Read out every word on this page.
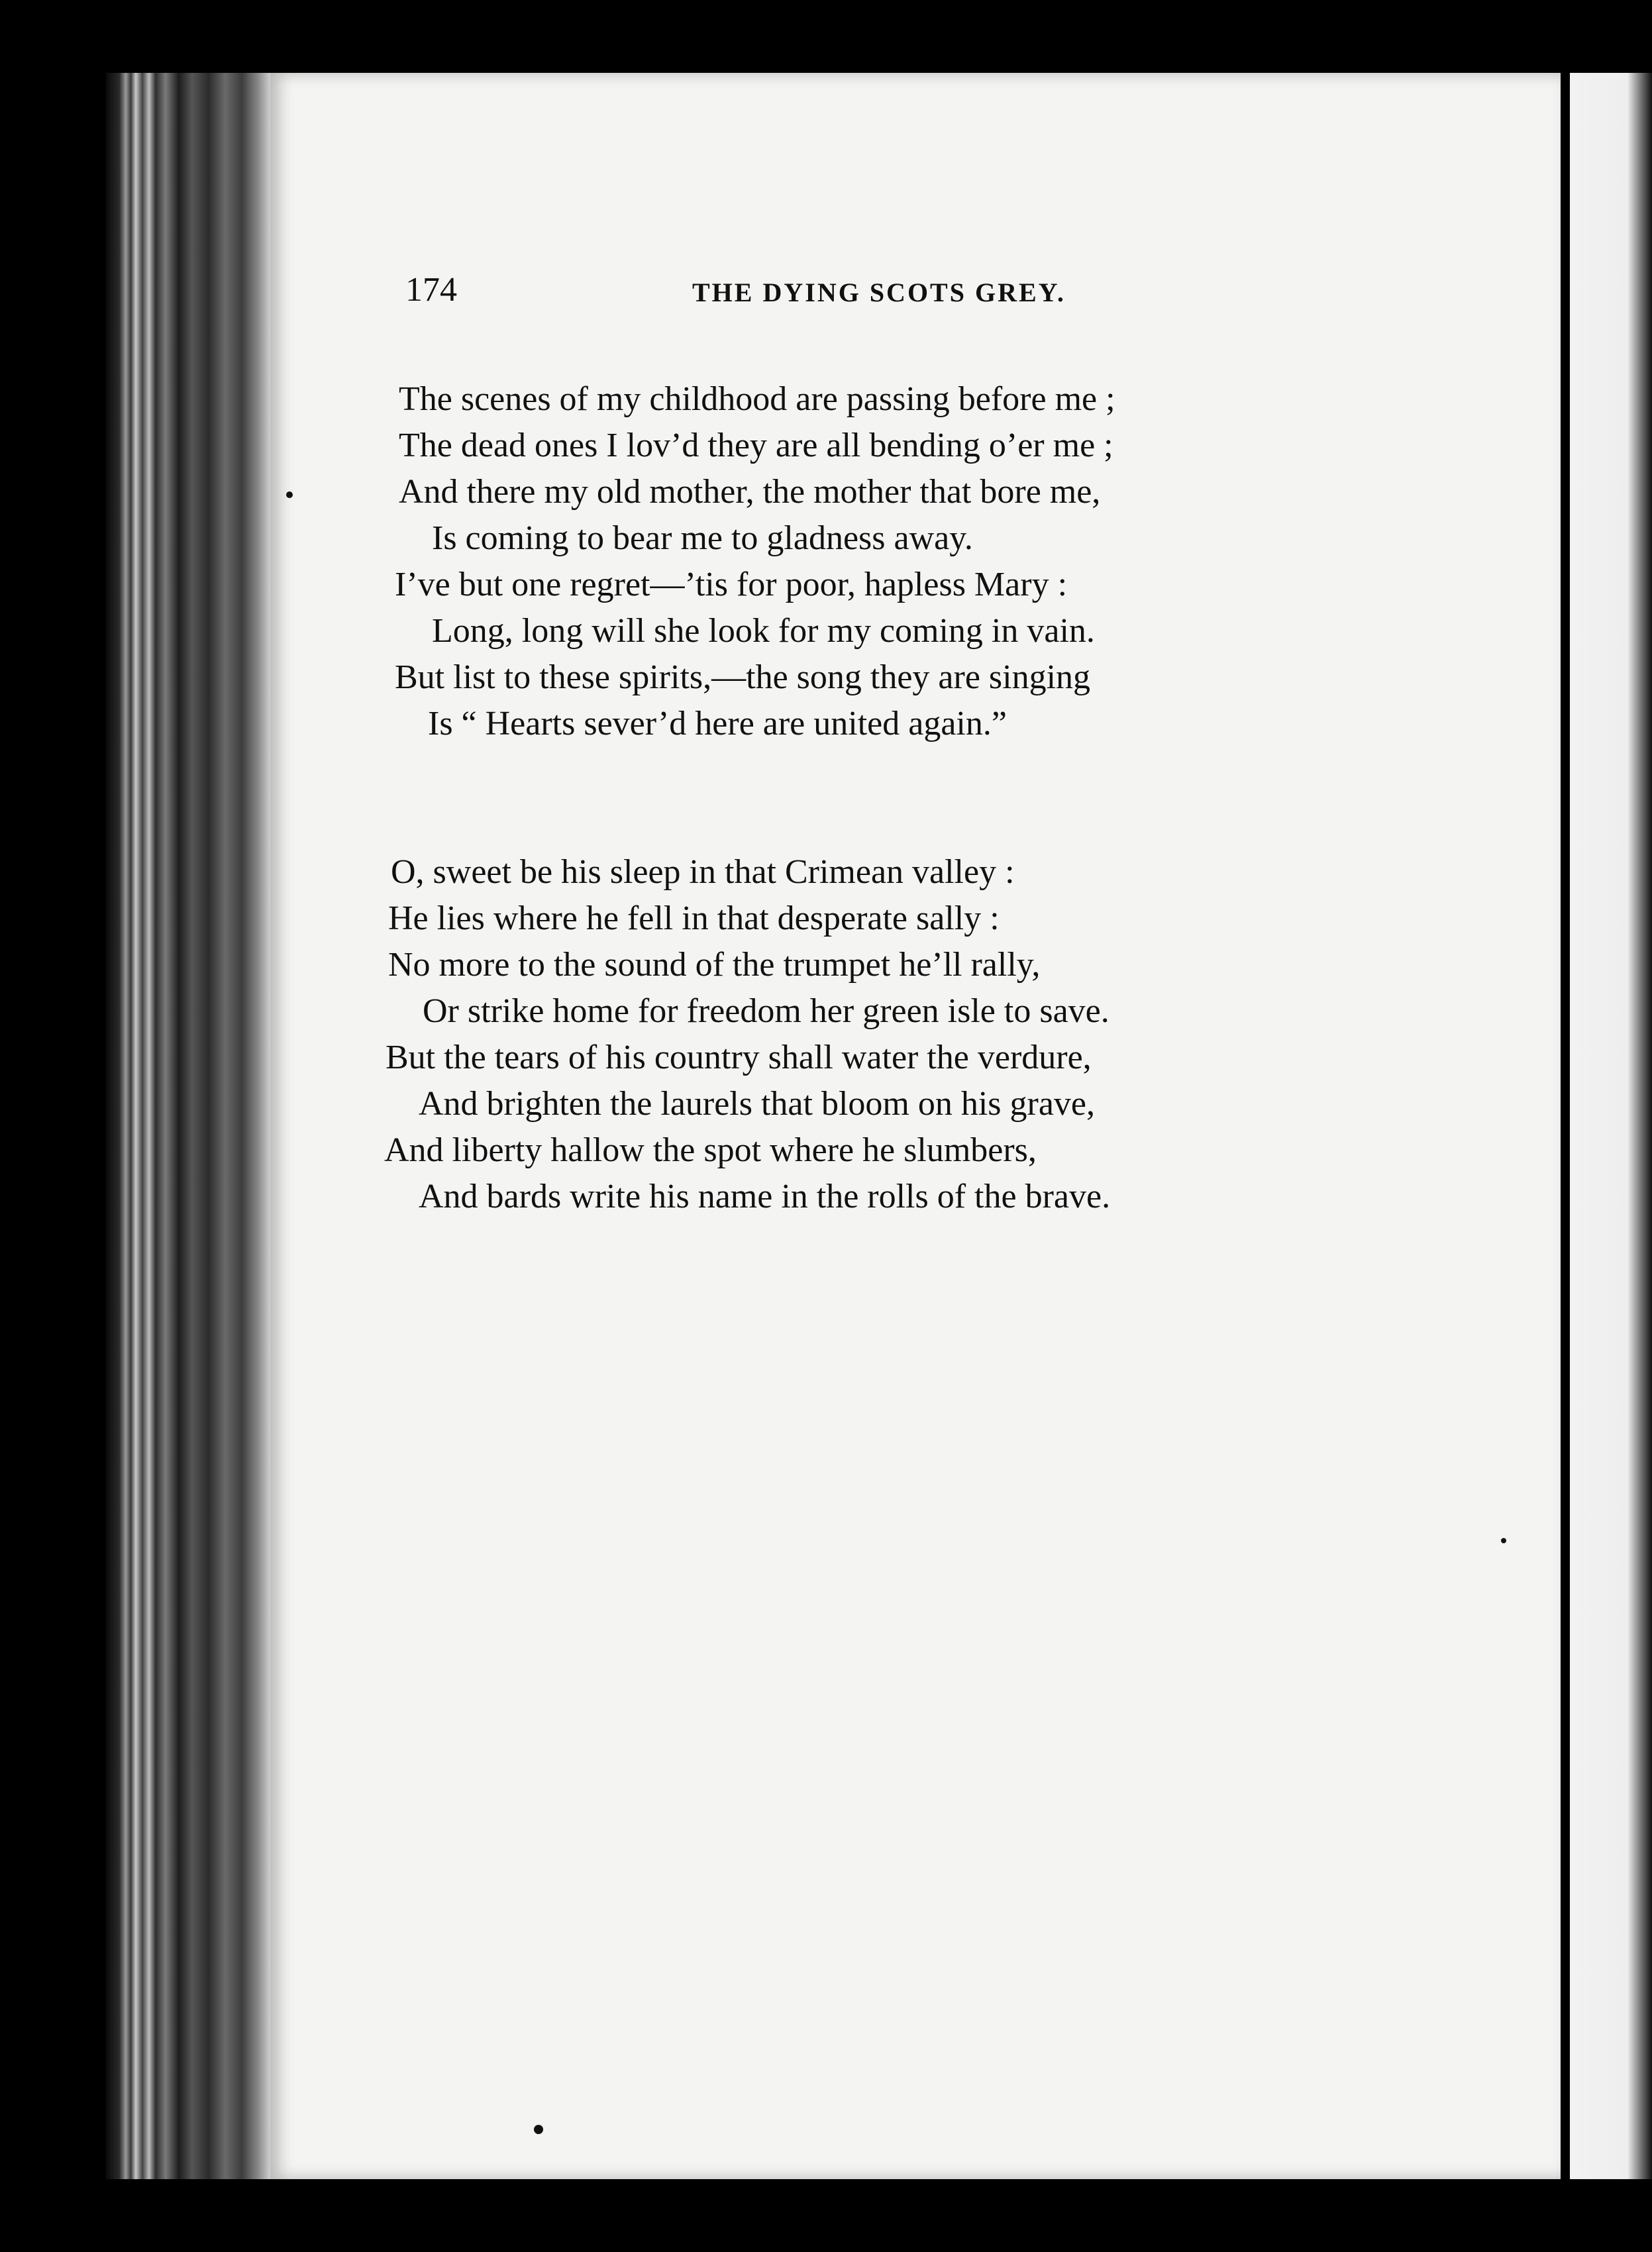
174	THE DYING SCOTS GREY.
The scenes of my childhood are passing before me ;
The dead ones I lov’d they are all bending o’er me ;
And there my old mother, the mother that bore me,
Is coming to bear me to gladness away.
I’ve but one regret—’tis for poor, hapless Mary :
Long, long will she look for my coming in vain.
But list to these spirits,—the song they are singing
Is “ Hearts sever’d here are united again.”
O, sweet be his sleep in that Crimean valley :
He lies where he fell in that desperate sally :
No more to the sound of the trumpet he’ll rally,
Or strike home for freedom her green isle to save.
But the tears of his country shall water the verdure,
And brighten the laurels that bloom on his grave,
And liberty hallow the spot where he slumbers,
And bards write his name in the rolls of the brave.
